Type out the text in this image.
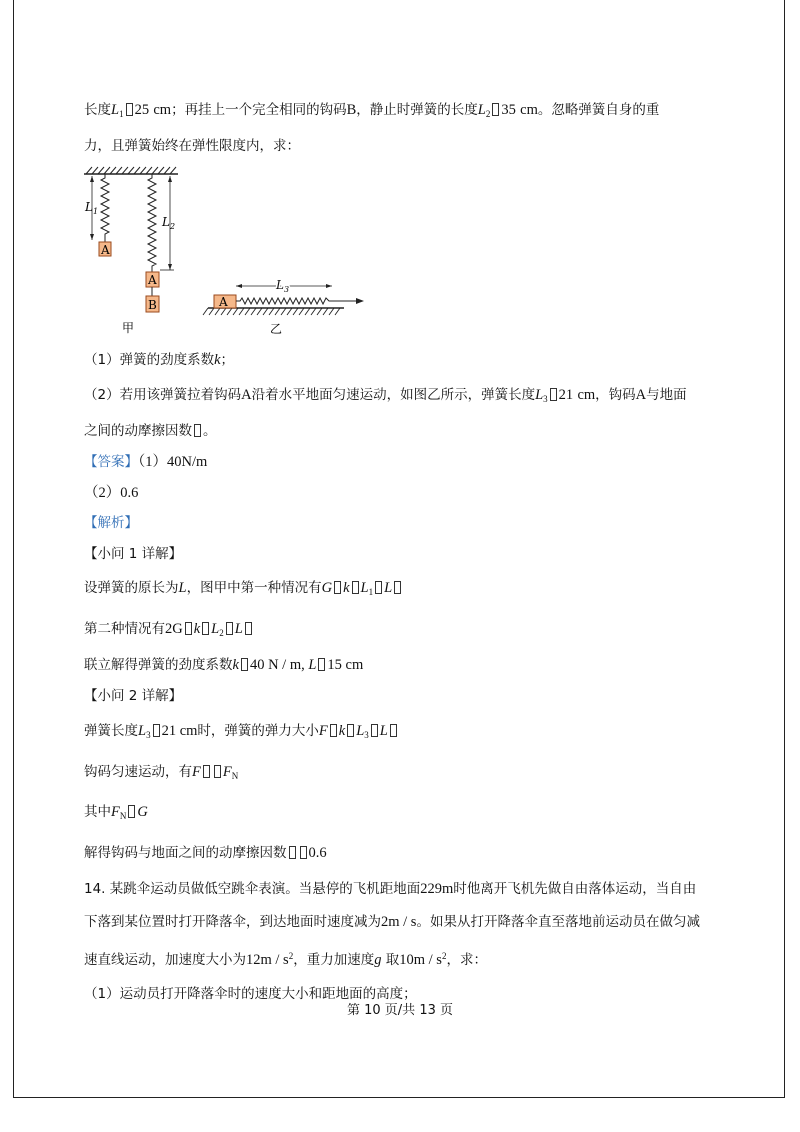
长度$L_1$ 25 cm；再挂上一个完全相同的钩码B，静止时弹簧的长度$L_2$ 35 cm。忽略弹簧自身的重
力，且弹簧始终在弹性限度内，求：
$L_1$
A
$L_2$
A
B
甲
A
$L_3$
乙
（1）弹簧的劲度系数k；
（2）若用该弹簧拉着钩码A沿着水平地面匀速运动，如图乙所示，弹簧长度$L_3$ 21 cm，钩码A与地面
之间的动摩擦因数 。
【答案】（1）40N/m
（2）0.6
【解析】
【小问 1 详解】
设弹簧的原长为L，图甲中第一种情况有G k $L_1$ L
第二种情况有2G k $L_2$ L
联立解得弹簧的劲度系数k 40 N / m, L 15 cm
【小问 2 详解】
弹簧长度$L_3$ 21 cm时，弹簧的弹力大小F k $L_3$ L
钩码匀速运动，有F $F_N$
其中$F_N$ G
解得钩码与地面之间的动摩擦因数 0.6
14. 某跳伞运动员做低空跳伞表演。当悬停的飞机距地面229m时他离开飞机先做自由落体运动，当自由
下落到某位置时打开降落伞，到达地面时速度减为2m / s。如果从打开降落伞直至落地前运动员在做匀减
速直线运动，加速度大小为$12m / s^2$，重力加速度g 取$10m / s^2$，求：
（1）运动员打开降落伞时的速度大小和距地面的高度；
第 10 页/共 13 页
